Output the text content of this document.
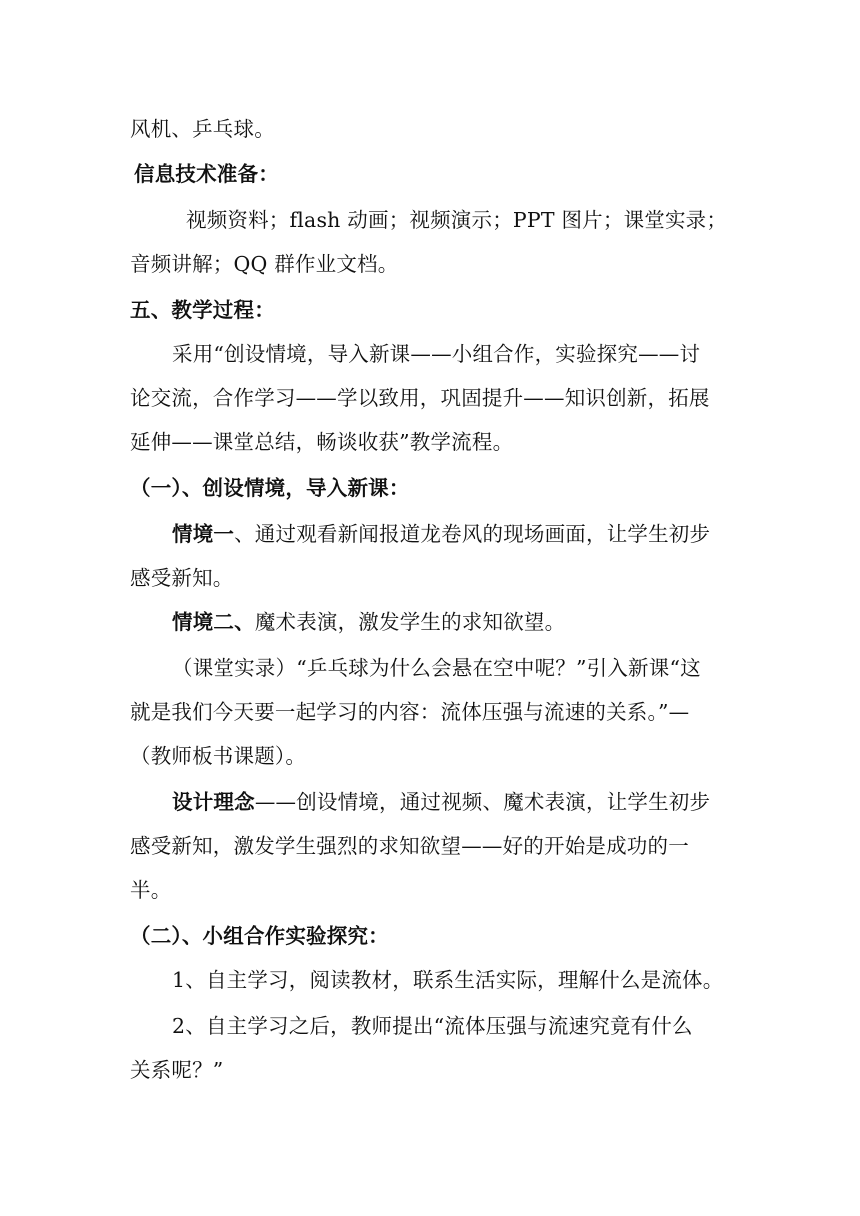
风机、乒乓球。
信息技术准备：
视频资料；flash 动画；视频演示；PPT 图片；课堂实录；
音频讲解；QQ 群作业文档。
五、教学过程：
采用“创设情境，导入新课——小组合作，实验探究——讨
论交流，合作学习——学以致用，巩固提升——知识创新，拓展
延伸——课堂总结，畅谈收获”教学流程。
（一）、创设情境，导入新课：
情境一、通过观看新闻报道龙卷风的现场画面，让学生初步
感受新知。
情境二、魔术表演，激发学生的求知欲望。
（课堂实录）“乒乓球为什么会悬在空中呢？”引入新课“这
就是我们今天要一起学习的内容：流体压强与流速的关系。”—
（教师板书课题）。
设计理念——创设情境，通过视频、魔术表演，让学生初步
感受新知，激发学生强烈的求知欲望——好的开始是成功的一
半。
（二）、小组合作实验探究：
1、自主学习，阅读教材，联系生活实际，理解什么是流体。
2、自主学习之后，教师提出“流体压强与流速究竟有什么
关系呢？”
